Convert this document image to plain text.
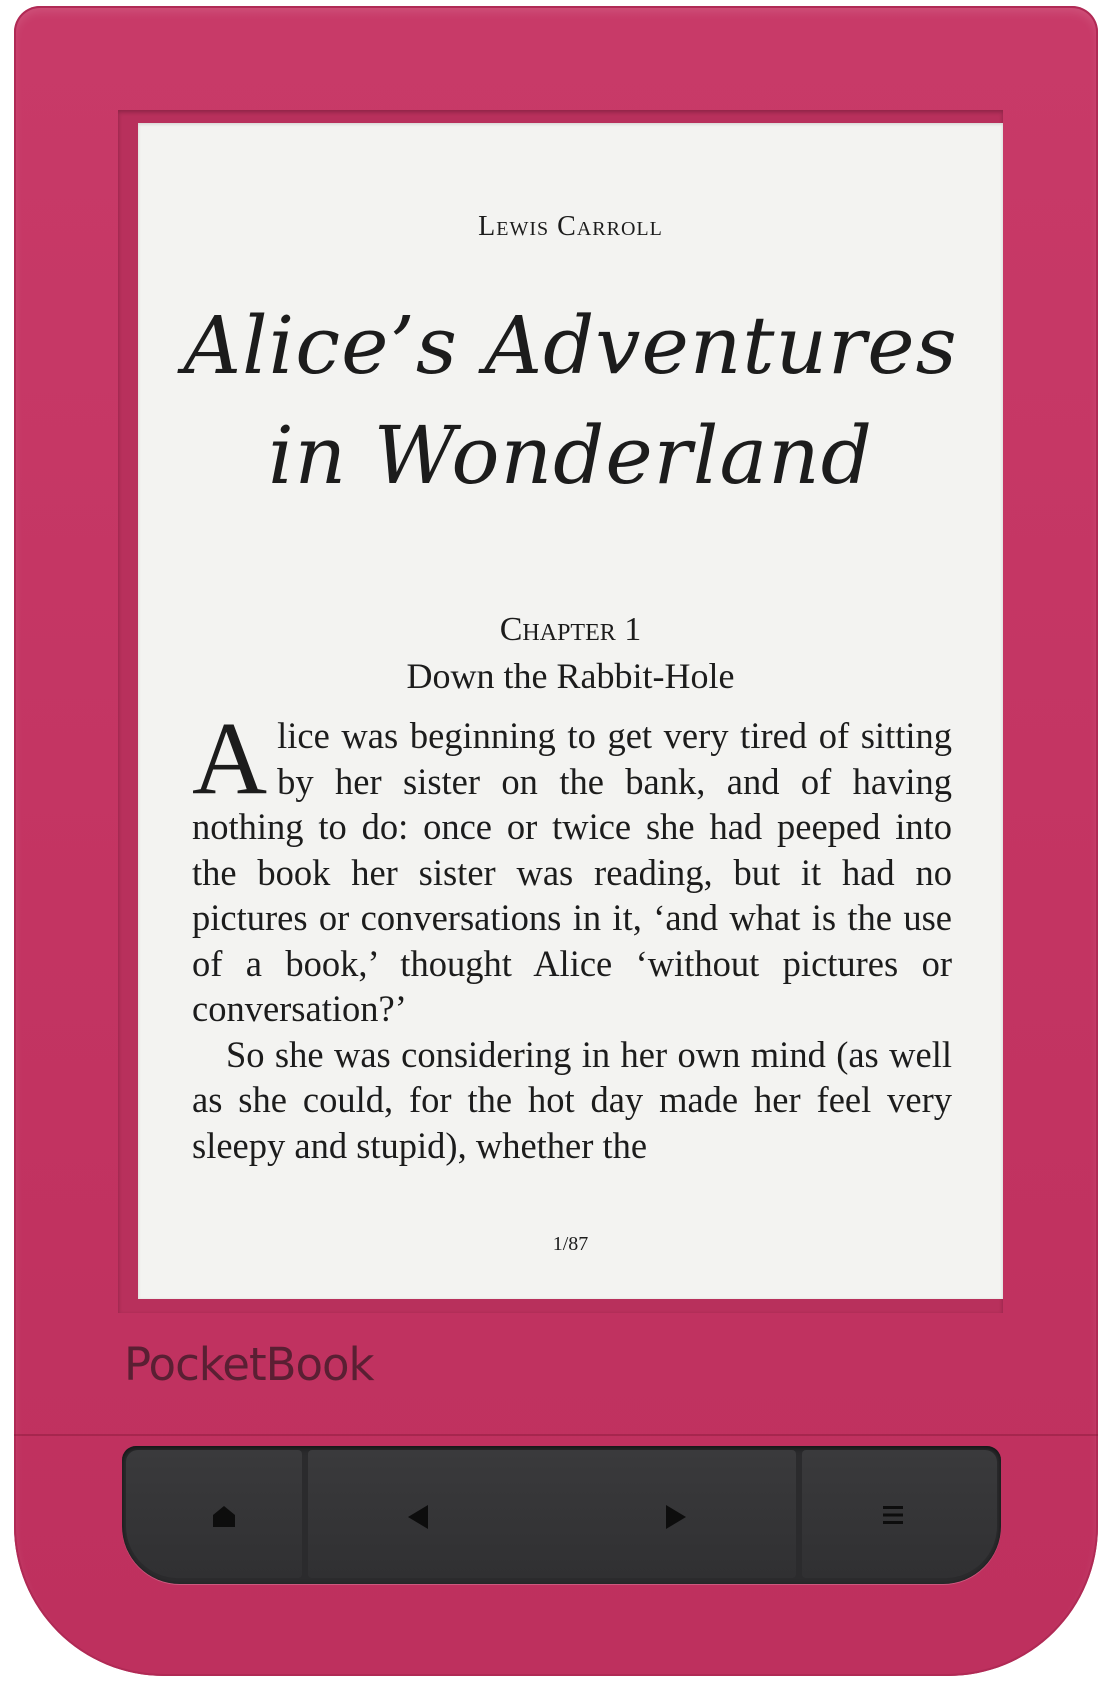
Lewis Carroll
Alice’s Adventures
in Wonderland
Chapter 1
Down the Rabbit-Hole

Alice was beginning to get very tired of sitting by her sister on the bank, and of having nothing to do: once or twice she had peeped into the book her sister was reading, but it had no pictures or conversations in it, ‘and what is the use of a book,’ thought Alice ‘without pictures or conversation?’

So she was considering in her own mind (as well as she could, for the hot day made her feel very sleepy and stupid), whether the

1/87
PocketBook
